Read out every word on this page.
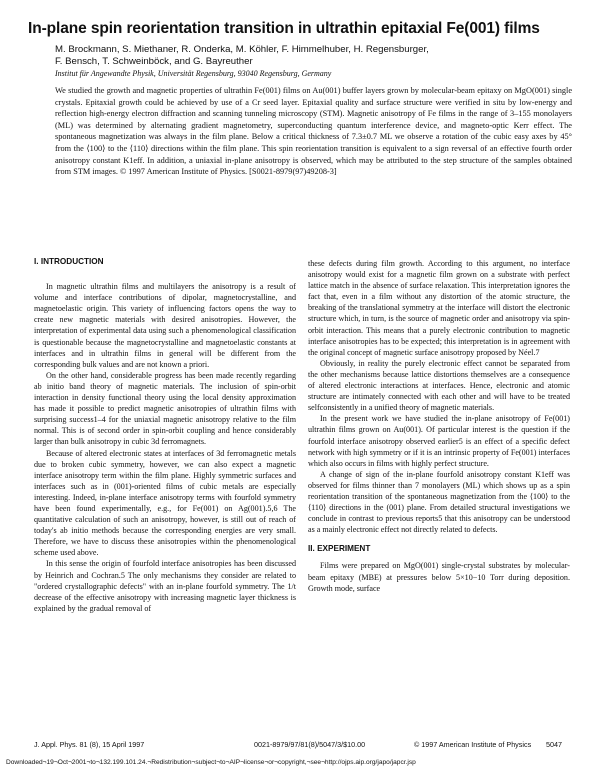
In-plane spin reorientation transition in ultrathin epitaxial Fe(001) films
M. Brockmann, S. Miethaner, R. Onderka, M. Köhler, F. Himmelhuber, H. Regensburger,
F. Bensch, T. Schweinböck, and G. Bayreuther
Institut für Angewandte Physik, Universität Regensburg, 93040 Regensburg, Germany

We studied the growth and magnetic properties of ultrathin Fe(001) films on Au(001) buffer layers grown by molecular-beam epitaxy on MgO(001) single crystals. Epitaxial growth could be achieved by use of a Cr seed layer. Epitaxial quality and surface structure were verified in situ by low-energy and reflection high-energy electron diffraction and scanning tunneling microscopy (STM). Magnetic anisotropy of Fe films in the range of 3–155 monolayers (ML) was determined by alternating gradient magnetometry, superconducting quantum interference device, and magneto-optic Kerr effect. The spontaneous magnetization was always in the film plane. Below a critical thickness of 7.3±0.7 ML we observe a rotation of the cubic easy axes by 45° from the ⟨100⟩ to the ⟨110⟩ directions within the film plane. This spin reorientation transition is equivalent to a sign reversal of an effective fourth order anisotropy constant K1eff. In addition, a uniaxial in-plane anisotropy is observed, which may be attributed to the step structure of the samples obtained from STM images. © 1997 American Institute of Physics. [S0021-8979(97)49208-3]

I. INTRODUCTION

In magnetic ultrathin films and multilayers the anisotropy is a result of volume and interface contributions of dipolar, magnetocrystalline, and magnetoelastic origin. This variety of influencing factors opens the way to create new magnetic materials with desired anisotropies. However, the interpretation of experimental data using such a phenomenological classification is questionable because the magnetocrystalline and magnetoelastic constants at interfaces and in ultrathin films in general will be different from the corresponding bulk values and are not known a priori.

On the other hand, considerable progress has been made recently regarding ab initio band theory of magnetic materials. The inclusion of spin-orbit interaction in density functional theory using the local density approximation has made it possible to predict magnetic anisotropies of ultrathin films with surprising success1–4 for the uniaxial magnetic anisotropy relative to the film normal. This is of second order in spin-orbit coupling and hence considerably larger than bulk anisotropy in cubic 3d ferromagnets.

Because of altered electronic states at interfaces of 3d ferromagnetic metals due to broken cubic symmetry, however, we can also expect a magnetic interface anisotropy term within the film plane. Highly symmetric surfaces and interfaces such as in (001)-oriented films of cubic metals are especially interesting. Indeed, in-plane interface anisotropy terms with fourfold symmetry have been found experimentally, e.g., for Fe(001) on Ag(001).5,6 The quantitative calculation of such an anisotropy, however, is still out of reach of today's ab initio methods because the corresponding energies are very small. Therefore, we have to discuss these anisotropies within the phenomenological scheme used above.

In this sense the origin of fourfold interface anisotropies has been discussed by Heinrich and Cochran.5 The only mechanisms they consider are related to "ordered crystallographic defects" with an in-plane fourfold symmetry. The 1/t decrease of the effective anisotropy with increasing magnetic layer thickness is explained by the gradual removal of

these defects during film growth. According to this argument, no interface anisotropy would exist for a magnetic film grown on a substrate with perfect lattice match in the absence of surface relaxation. This interpretation ignores the fact that, even in a film without any distortion of the atomic structure, the breaking of the translational symmetry at the interface will distort the electronic structure which, in turn, is the source of magnetic order and anisotropy via spin-orbit interaction. This means that a purely electronic contribution to magnetic interface anisotropies has to be expected; this interpretation is in agreement with the original concept of magnetic surface anisotropy proposed by Néel.7

Obviously, in reality the purely electronic effect cannot be separated from the other mechanisms because lattice distortions themselves are a consequence of altered electronic interactions at interfaces. Hence, electronic and atomic structure are intimately connected with each other and will have to be treated selfconsistently in a unified theory of magnetic materials.

In the present work we have studied the in-plane anisotropy of Fe(001) ultrathin films grown on Au(001). Of particular interest is the question if the fourfold interface anisotropy observed earlier5 is an effect of a specific defect network with high symmetry or if it is an intrinsic property of Fe(001) interfaces which also occurs in films with highly perfect structure.

A change of sign of the in-plane fourfold anisotropy constant K1eff was observed for films thinner than 7 monolayers (ML) which shows up as a spin reorientation transition of the spontaneous magnetization from the ⟨100⟩ to the ⟨110⟩ directions in the (001) plane. From detailed structural investigations we conclude in contrast to previous reports5 that this anisotropy can be understood as a mainly electronic effect not directly related to defects.

II. EXPERIMENT

Films were prepared on MgO(001) single-crystal substrates by molecular-beam epitaxy (MBE) at pressures below 5×10−10 Torr during deposition. Growth mode, surface

J. Appl. Phys. 81 (8), 15 April 1997	0021-8979/97/81(8)/5047/3/$10.00	© 1997 American Institute of Physics 5047
Downloaded¬19¬Oct¬2001¬to¬132.199.101.24.¬Redistribution¬subject¬to¬AIP¬license¬or¬copyright,¬see¬http://ojps.aip.org/japo/japcr.jsp
